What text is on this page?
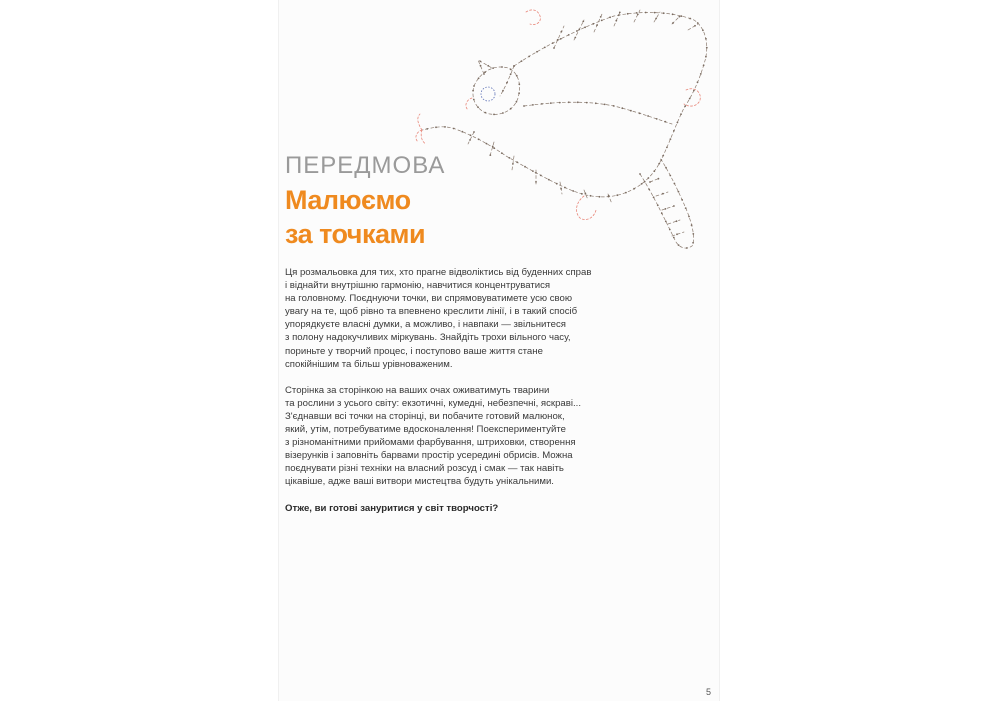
ПЕРЕДМОВА
Малюємо
за точками

Ця розмальовка для тих, хто прагне відволіктись від буденних справ
і віднайти внутрішню гармонію, навчитися концентруватися
на головному. Поєднуючи точки, ви спрямовуватимете усю свою
увагу на те, щоб рівно та впевнено креслити лінії, і в такий спосіб
упорядкуєте власні думки, а можливо, і навпаки — звільнитеся
з полону надокучливих міркувань. Знайдіть трохи вільного часу,
пориньте у творчий процес, і поступово ваше життя стане
спокійнішим та більш урівноваженим.

Сторінка за сторінкою на ваших очах оживатимуть тварини
та рослини з усього світу: екзотичні, кумедні, небезпечні, яскраві...
З'єднавши всі точки на сторінці, ви побачите готовий малюнок,
який, утім, потребуватиме вдосконалення! Поекспериментуйте
з різноманітними прийомами фарбування, штриховки, створення
візерунків і заповніть барвами простір усередині обрисів. Можна
поєднувати різні техніки на власний розсуд і смак — так навіть
цікавіше, адже ваші витвори мистецтва будуть унікальними.

Отже, ви готові зануритися у світ творчості?

5
